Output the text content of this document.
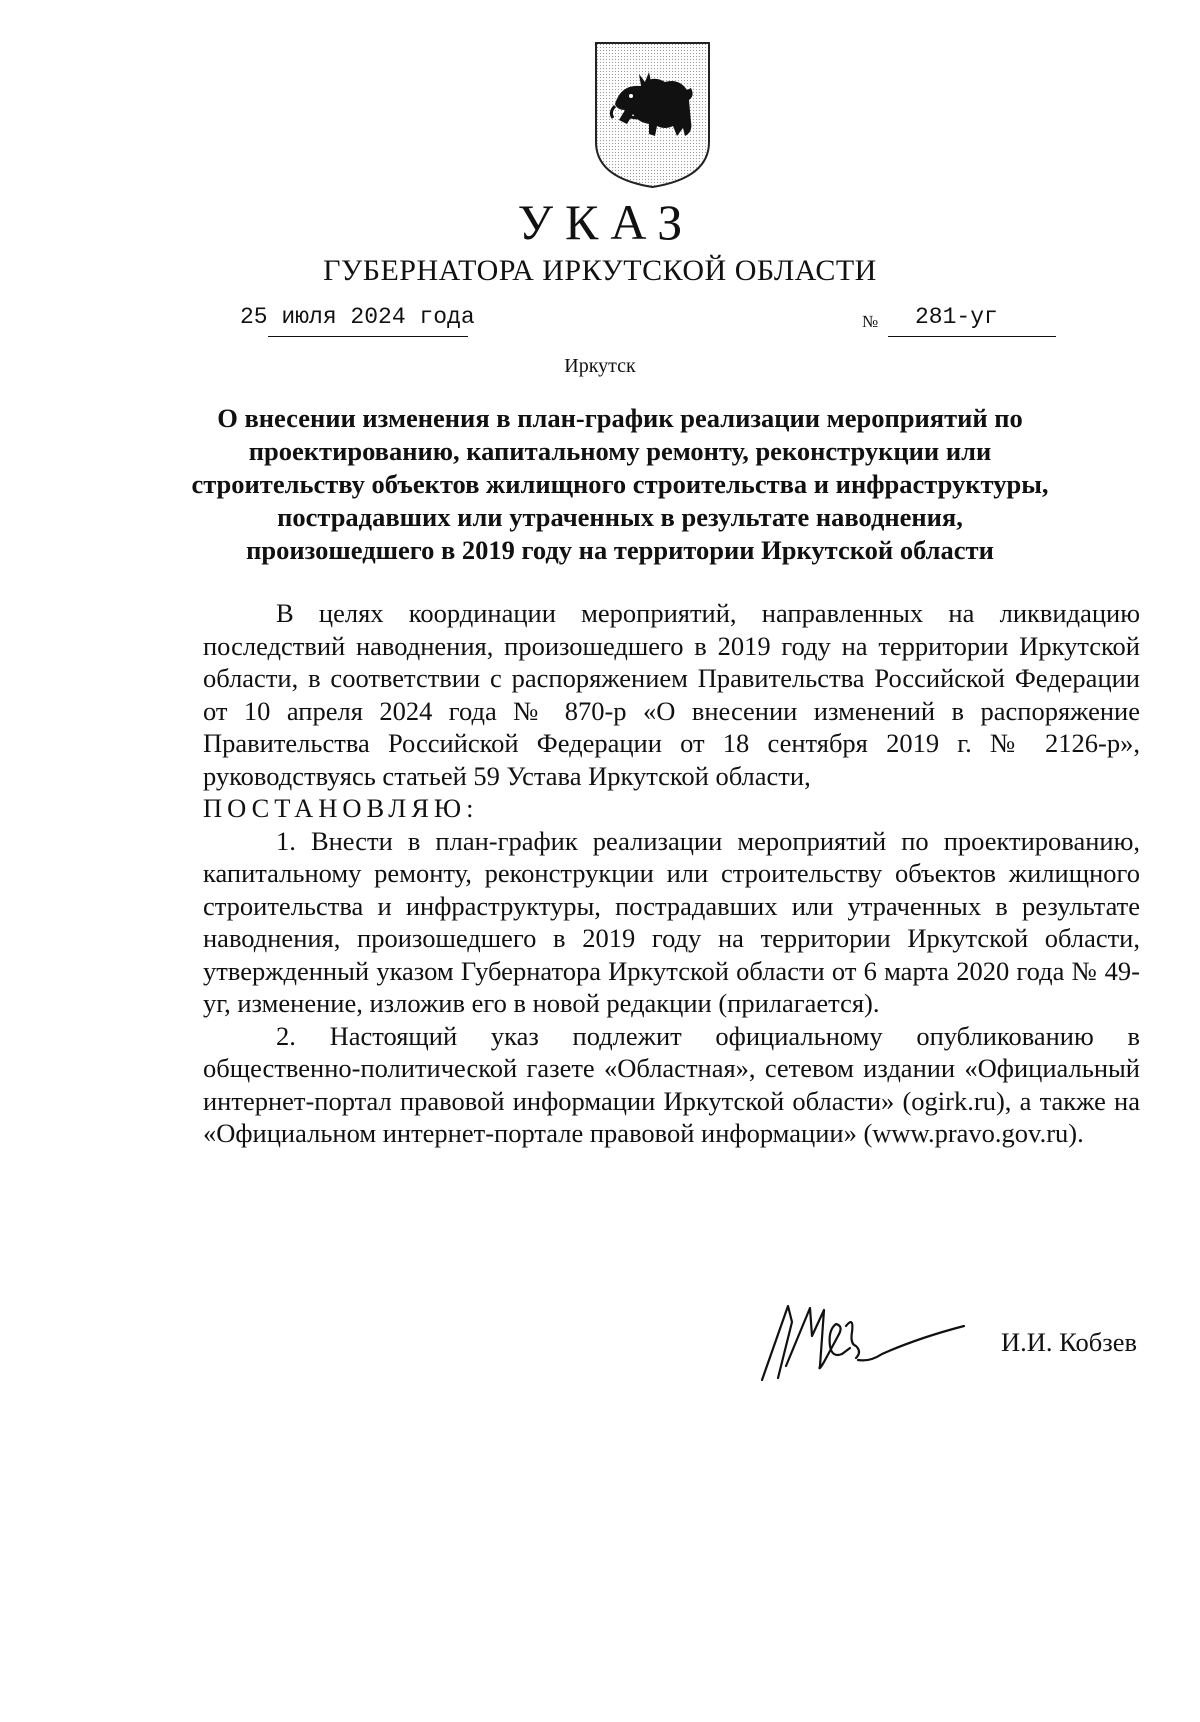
УКАЗ
ГУБЕРНАТОРА ИРКУТСКОЙ ОБЛАСТИ
25 июля 2024 года	№ 281-уг
Иркутск
О внесении изменения в план-график реализации мероприятий по
проектированию, капитальному ремонту, реконструкции или
строительству объектов жилищного строительства и инфраструктуры,
пострадавших или утраченных в результате наводнения,
произошедшего в 2019 году на территории Иркутской области

В целях координации мероприятий, направленных на ликвидацию последствий наводнения, произошедшего в 2019 году на территории Иркутской области, в соответствии с распоряжением Правительства Российской Федерации от 10 апреля 2024 года № 870-р «О внесении изменений в распоряжение Правительства Российской Федерации от 18 сентября 2019 г. № 2126-р», руководствуясь статьей 59 Устава Иркутской области,

ПОСТАНОВЛЯЮ:

1. Внести в план-график реализации мероприятий по проектированию, капитальному ремонту, реконструкции или строительству объектов жилищного строительства и инфраструктуры, пострадавших или утраченных в результате наводнения, произошедшего в 2019 году на территории Иркутской области, утвержденный указом Губернатора Иркутской области от 6 марта 2020 года № 49-уг, изменение, изложив его в новой редакции (прилагается).

2. Настоящий указ подлежит официальному опубликованию в общественно-политической газете «Областная», сетевом издании «Официальный интернет-портал правовой информации Иркутской области» (ogirk.ru), а также на «Официальном интернет-портале правовой информации» (www.pravo.gov.ru).

И.И. Кобзев
